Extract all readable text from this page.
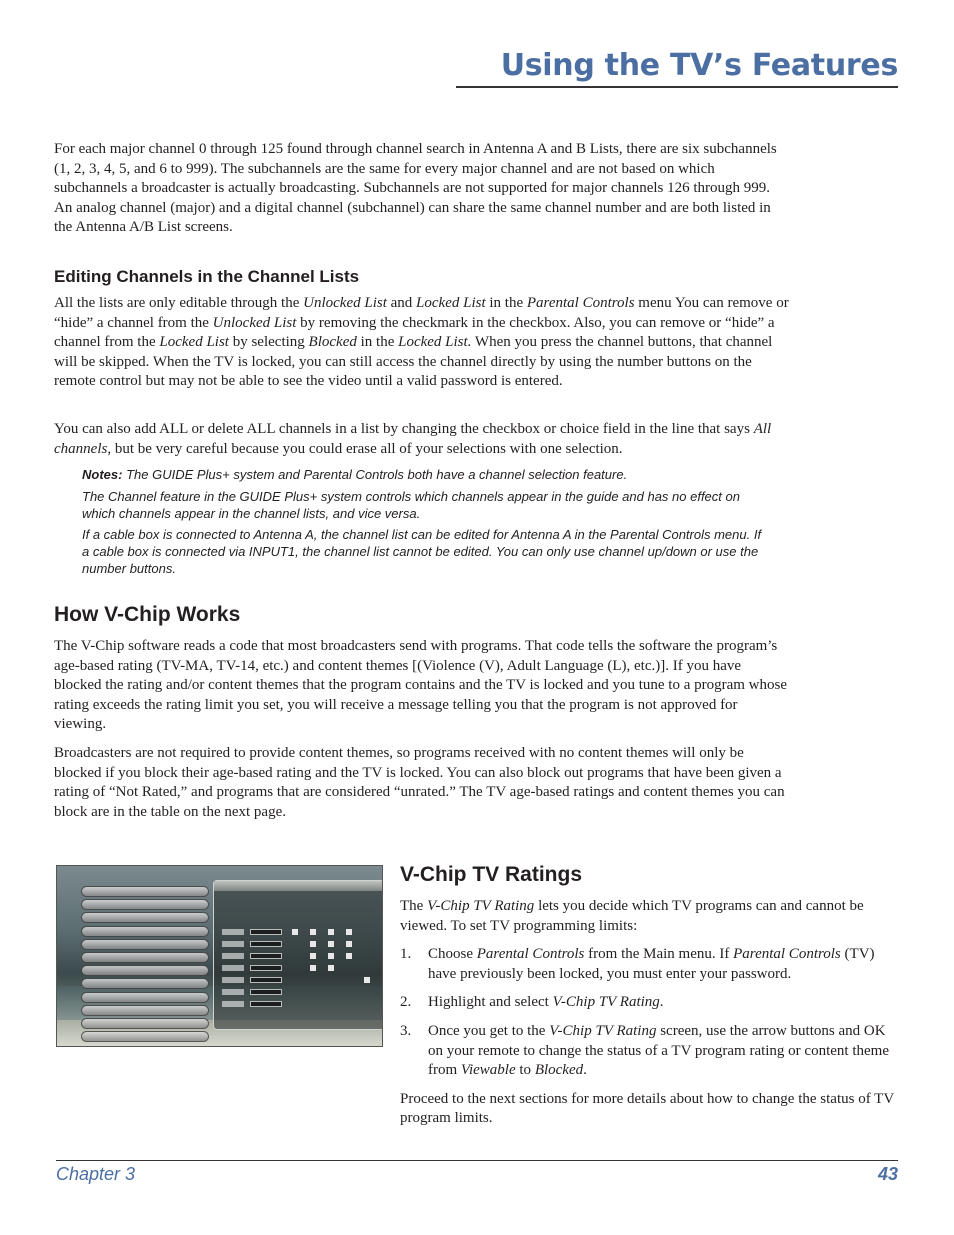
Using the TV’s Features

For each major channel 0 through 125 found through channel search in Antenna A and B Lists, there are six subchannels (1, 2, 3, 4, 5, and 6 to 999). The subchannels are the same for every major channel and are not based on which subchannels a broadcaster is actually broadcasting. Subchannels are not supported for major channels 126 through 999. An analog channel (major) and a digital channel (subchannel) can share the same channel number and are both listed in the Antenna A/B List screens.

Editing Channels in the Channel Lists

All the lists are only editable through the Unlocked List and Locked List in the Parental Controls menu You can remove or “hide” a channel from the Unlocked List by removing the checkmark in the checkbox. Also, you can remove or “hide” a channel from the Locked List by selecting Blocked in the Locked List. When you press the channel buttons, that channel will be skipped. When the TV is locked, you can still access the channel directly by using the number buttons on the remote control but may not be able to see the video until a valid password is entered.

You can also add ALL or delete ALL channels in a list by changing the checkbox or choice field in the line that says All channels, but be very careful because you could erase all of your selections with one selection.

Notes: The GUIDE Plus+ system and Parental Controls both have a channel selection feature.

The Channel feature in the GUIDE Plus+ system controls which channels appear in the guide and has no effect on which channels appear in the channel lists, and vice versa.

If a cable box is connected to Antenna A, the channel list can be edited for Antenna A in the Parental Controls menu. If a cable box is connected via INPUT1, the channel list cannot be edited. You can only use channel up/down or use the number buttons.

How V-Chip Works

The V-Chip software reads a code that most broadcasters send with programs. That code tells the software the program’s age-based rating (TV-MA, TV-14, etc.) and content themes [(Violence (V), Adult Language (L), etc.)]. If you have blocked the rating and/or content themes that the program contains and the TV is locked and you tune to a program whose rating exceeds the rating limit you set, you will receive a message telling you that the program is not approved for viewing.

Broadcasters are not required to provide content themes, so programs received with no content themes will only be blocked if you block their age-based rating and the TV is locked. You can also block out programs that have been given a rating of “Not Rated,” and programs that are considered “unrated.” The TV age-based ratings and content themes you can block are in the table on the next page.

V-Chip TV Ratings

The V-Chip TV Rating lets you decide which TV programs can and cannot be viewed. To set TV programming limits:

1. Choose Parental Controls from the Main menu. If Parental Controls (TV) have previously been locked, you must enter your password.
2. Highlight and select V-Chip TV Rating.
3. Once you get to the V-Chip TV Rating screen, use the arrow buttons and OK on your remote to change the status of a TV program rating or content theme from Viewable to Blocked.

Proceed to the next sections for more details about how to change the status of TV program limits.

Chapter 3	43
